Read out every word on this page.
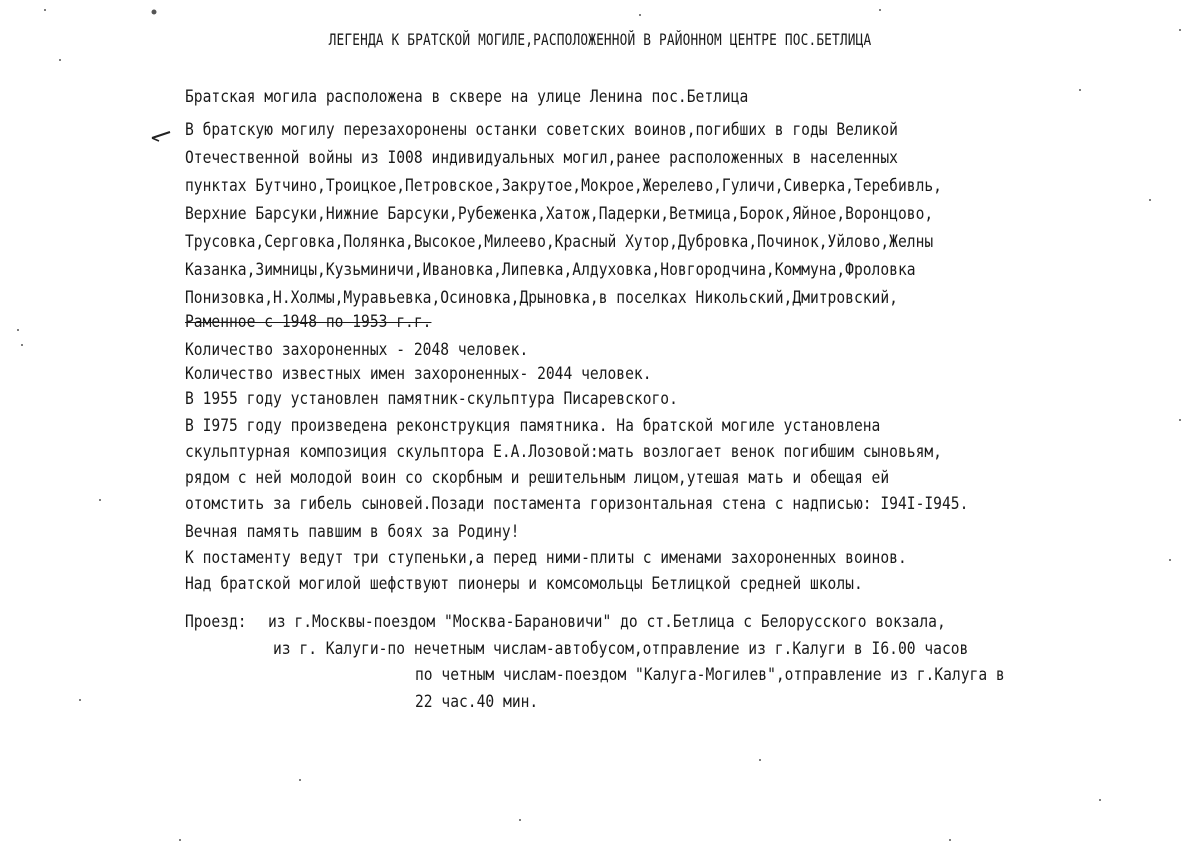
ЛЕГЕНДА К БРАТСКОЙ МОГИЛЕ,РАСПОЛОЖЕННОЙ В РАЙОННОМ ЦЕНТРЕ ПОС.БЕТЛИЦА
Братская могила расположена в сквере на улице Ленина пос.Бетлица
В братскую могилу перезахоронены останки советских воинов,погибших в годы Великой
Отечественной войны из I008 индивидуальных могил,ранее расположенных в населенных
пунктах Бутчино,Троицкое,Петровское,Закрутое,Мокрое,Жерелево,Гуличи,Сиверка,Теребивль,
Верхние Барсуки,Нижние Барсуки,Рубеженка,Хатож,Падерки,Ветмица,Борок,Яйное,Воронцово,
Трусовка,Серговка,Полянка,Высокое,Милеево,Красный Хутор,Дубровка,Починок,Уйлово,Желны
Казанка,Зимницы,Кузьминичи,Ивановка,Липевка,Алдуховка,Новгородчина,Коммуна,Фроловка
Понизовка,Н.Холмы,Муравьевка,Осиновка,Дрыновка,в поселках Никольский,Дмитровский,
Раменное с 1948 по 1953 г.г.
Количество захороненных - 2048 человек.
Количество известных имен захороненных- 2044 человек.
В 1955 году установлен памятник-скульптура Писаревского.
В I975 году произведена реконструкция памятника. На братской могиле установлена
скульптурная композиция скульптора Е.А.Лозовой:мать возлогает венок погибшим сыновьям,
рядом с ней молодой воин со скорбным и решительным лицом,утешая мать и обещая ей
отомстить за гибель сыновей.Позади постамента горизонтальная стена с надписью: I94I-I945.
Вечная память павшим в боях за Родину!
К постаменту ведут три ступеньки,а перед ними-плиты с именами захороненных воинов.
Над братской могилой шефствуют пионеры и комсомольцы Бетлицкой средней школы.
Проезд: из г.Москвы-поездом "Москва-Барановичи" до ст.Бетлица с Белорусского вокзала,
из г. Калуги-по нечетным числам-автобусом,отправление из г.Калуги в I6.00 часов
по четным числам-поездом "Калуга-Могилев",отправление из г.Калуга в
22 час.40 мин.
